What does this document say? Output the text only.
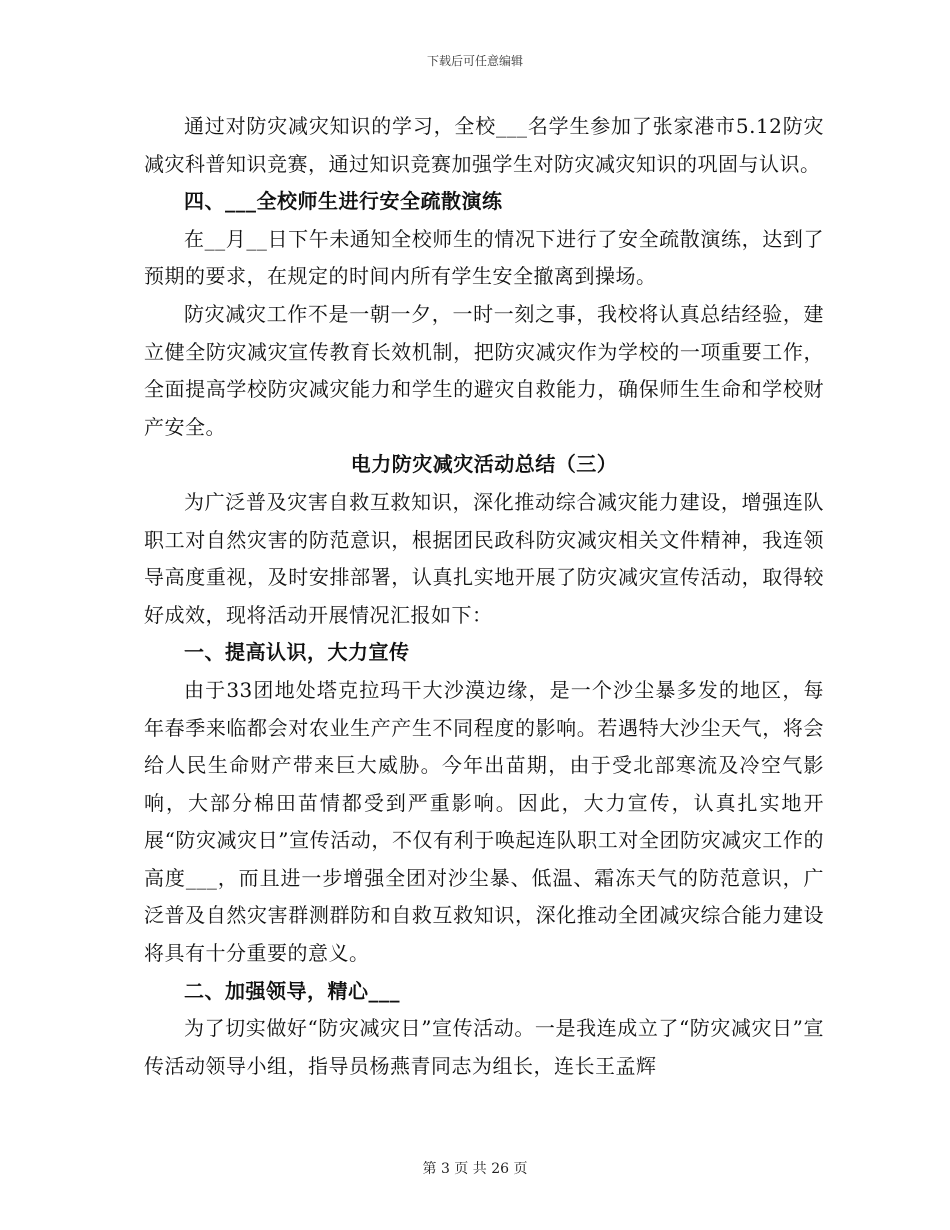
下载后可任意编辑

通过对防灾减灾知识的学习，全校___名学生参加了张家港市5.12防灾减灾科普知识竞赛，通过知识竞赛加强学生对防灾减灾知识的巩固与认识。

四、___全校师生进行安全疏散演练

在__月__日下午未通知全校师生的情况下进行了安全疏散演练，达到了预期的要求，在规定的时间内所有学生安全撤离到操场。

防灾减灾工作不是一朝一夕，一时一刻之事，我校将认真总结经验，建立健全防灾减灾宣传教育长效机制，把防灾减灾作为学校的一项重要工作，全面提高学校防灾减灾能力和学生的避灾自救能力，确保师生生命和学校财产安全。

电力防灾减灾活动总结（三）

为广泛普及灾害自救互救知识，深化推动综合减灾能力建设，增强连队职工对自然灾害的防范意识，根据团民政科防灾减灾相关文件精神，我连领导高度重视，及时安排部署，认真扎实地开展了防灾减灾宣传活动，取得较好成效，现将活动开展情况汇报如下：

一、提高认识，大力宣传

由于33团地处塔克拉玛干大沙漠边缘，是一个沙尘暴多发的地区，每年春季来临都会对农业生产产生不同程度的影响。若遇特大沙尘天气，将会给人民生命财产带来巨大威胁。今年出苗期，由于受北部寒流及冷空气影响，大部分棉田苗情都受到严重影响。因此，大力宣传，认真扎实地开展“防灾减灾日”宣传活动，不仅有利于唤起连队职工对全团防灾减灾工作的高度___，而且进一步增强全团对沙尘暴、低温、霜冻天气的防范意识，广泛普及自然灾害群测群防和自救互救知识，深化推动全团减灾综合能力建设将具有十分重要的意义。

二、加强领导，精心___

为了切实做好“防灾减灾日”宣传活动。一是我连成立了“防灾减灾日”宣传活动领导小组，指导员杨燕青同志为组长，连长王孟辉

第 3 页 共 26 页
